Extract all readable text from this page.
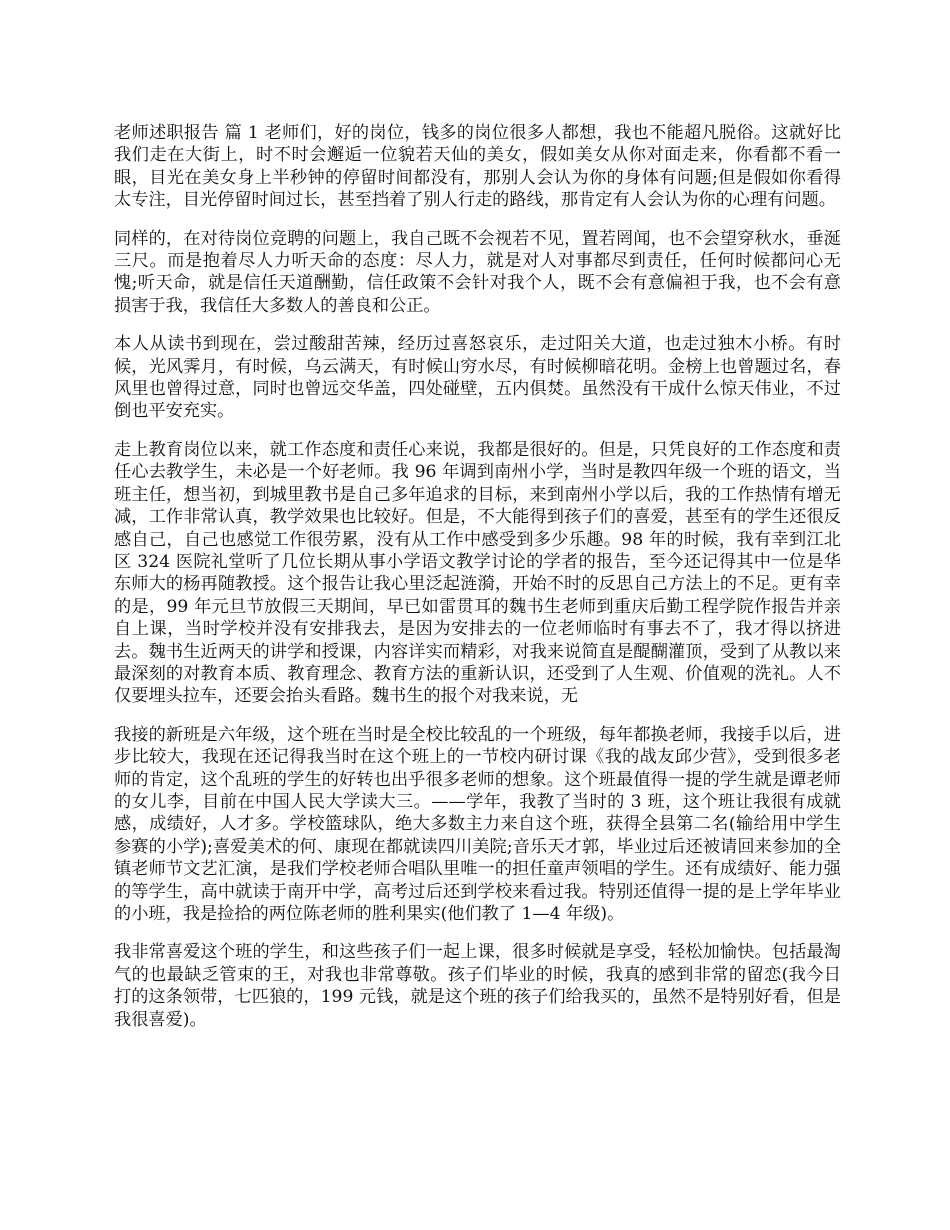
老师述职报告 篇 1 老师们，好的岗位，钱多的岗位很多人都想，我也不能超凡脱俗。这就好比我们走在大街上，时不时会邂逅一位貌若天仙的美女，假如美女从你对面走来，你看都不看一眼，目光在美女身上半秒钟的停留时间都没有，那别人会认为你的身体有问题;但是假如你看得太专注，目光停留时间过长，甚至挡着了别人行走的路线，那肯定有人会认为你的心理有问题。

同样的，在对待岗位竞聘的问题上，我自己既不会视若不见，置若罔闻，也不会望穿秋水，垂涎三尺。而是抱着尽人力听天命的态度：尽人力，就是对人对事都尽到责任，任何时候都问心无愧;听天命，就是信任天道酬勤，信任政策不会针对我个人，既不会有意偏袒于我，也不会有意损害于我，我信任大多数人的善良和公正。

本人从读书到现在，尝过酸甜苦辣，经历过喜怒哀乐，走过阳关大道，也走过独木小桥。有时候，光风霁月，有时候，乌云满天，有时候山穷水尽，有时候柳暗花明。金榜上也曾题过名，春风里也曾得过意，同时也曾远交华盖，四处碰壁，五内俱焚。虽然没有干成什么惊天伟业，不过倒也平安充实。

走上教育岗位以来，就工作态度和责任心来说，我都是很好的。但是，只凭良好的工作态度和责任心去教学生，未必是一个好老师。我 96 年调到南州小学，当时是教四年级一个班的语文，当班主任，想当初，到城里教书是自己多年追求的目标，来到南州小学以后，我的工作热情有增无减，工作非常认真，教学效果也比较好。但是，不大能得到孩子们的喜爱，甚至有的学生还很反感自己，自己也感觉工作很劳累，没有从工作中感受到多少乐趣。98 年的时候，我有幸到江北区 324 医院礼堂听了几位长期从事小学语文教学讨论的学者的报告，至今还记得其中一位是华东师大的杨再随教授。这个报告让我心里泛起涟漪，开始不时的反思自己方法上的不足。更有幸的是，99 年元旦节放假三天期间，早已如雷贯耳的魏书生老师到重庆后勤工程学院作报告并亲自上课，当时学校并没有安排我去，是因为安排去的一位老师临时有事去不了，我才得以挤进去。魏书生近两天的讲学和授课，内容详实而精彩，对我来说简直是醍醐灌顶，受到了从教以来最深刻的对教育本质、教育理念、教育方法的重新认识，还受到了人生观、价值观的洗礼。人不仅要埋头拉车，还要会抬头看路。魏书生的报个对我来说，无

我接的新班是六年级，这个班在当时是全校比较乱的一个班级，每年都换老师，我接手以后，进步比较大，我现在还记得我当时在这个班上的一节校内研讨课《我的战友邱少营》，受到很多老师的肯定，这个乱班的学生的好转也出乎很多老师的想象。这个班最值得一提的学生就是谭老师的女儿李，目前在中国人民大学读大三。——学年，我教了当时的 3 班，这个班让我很有成就感，成绩好，人才多。学校篮球队，绝大多数主力来自这个班，获得全县第二名(输给用中学生参赛的小学);喜爱美术的何、康现在都就读四川美院;音乐天才郭，毕业过后还被请回来参加的全镇老师节文艺汇演，是我们学校老师合唱队里唯一的担任童声领唱的学生。还有成绩好、能力强的等学生，高中就读于南开中学，高考过后还到学校来看过我。特别还值得一提的是上学年毕业的小班，我是捡拾的两位陈老师的胜利果实(他们教了 1—4 年级)。

我非常喜爱这个班的学生，和这些孩子们一起上课，很多时候就是享受，轻松加愉快。包括最淘气的也最缺乏管束的王，对我也非常尊敬。孩子们毕业的时候，我真的感到非常的留恋(我今日打的这条领带，七匹狼的，199 元钱，就是这个班的孩子们给我买的，虽然不是特别好看，但是我很喜爱)。
